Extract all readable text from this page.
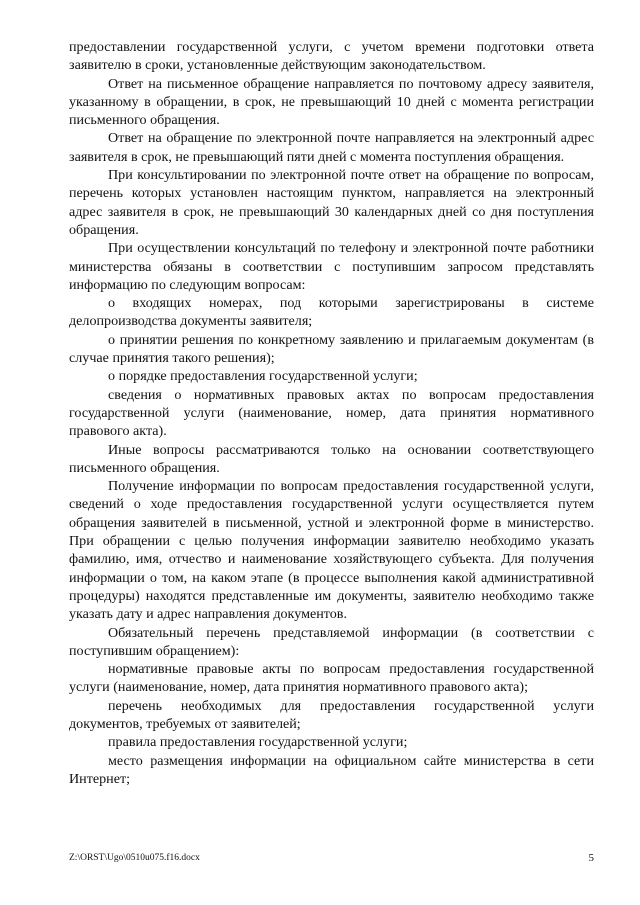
предоставлении государственной услуги, с учетом времени подготовки ответа заявителю в сроки, установленные действующим законодательством.

Ответ на письменное обращение направляется по почтовому адресу заявителя, указанному в обращении, в срок, не превышающий 10 дней с момента регистрации письменного обращения.

Ответ на обращение по электронной почте направляется на электронный адрес заявителя в срок, не превышающий пяти дней с момента поступления обращения.

При консультировании по электронной почте ответ на обращение по вопросам, перечень которых установлен настоящим пунктом, направляется на электронный адрес заявителя в срок, не превышающий 30 календарных дней со дня поступления обращения.

При осуществлении консультаций по телефону и электронной почте работники министерства обязаны в соответствии с поступившим запросом представлять информацию по следующим вопросам:

о входящих номерах, под которыми зарегистрированы в системе делопроизводства документы заявителя;

о принятии решения по конкретному заявлению и прилагаемым документам (в случае принятия такого решения);

о порядке предоставления государственной услуги;

сведения о нормативных правовых актах по вопросам предоставления государственной услуги (наименование, номер, дата принятия нормативного правового акта).

Иные вопросы рассматриваются только на основании соответствующего письменного обращения.

Получение информации по вопросам предоставления государственной услуги, сведений о ходе предоставления государственной услуги осуществляется путем обращения заявителей в письменной, устной и электронной форме в министерство. При обращении с целью получения информации заявителю необходимо указать фамилию, имя, отчество и наименование хозяйствующего субъекта. Для получения информации о том, на каком этапе (в процессе выполнения какой административной процедуры) находятся представленные им документы, заявителю необходимо также указать дату и адрес направления документов.

Обязательный перечень представляемой информации (в соответствии с поступившим обращением):

нормативные правовые акты по вопросам предоставления государственной услуги (наименование, номер, дата принятия нормативного правового акта);

перечень необходимых для предоставления государственной услуги документов, требуемых от заявителей;

правила предоставления государственной услуги;

место размещения информации на официальном сайте министерства в сети Интернет;

Z:\ORST\Ugo\0510u075.f16.docx	5
